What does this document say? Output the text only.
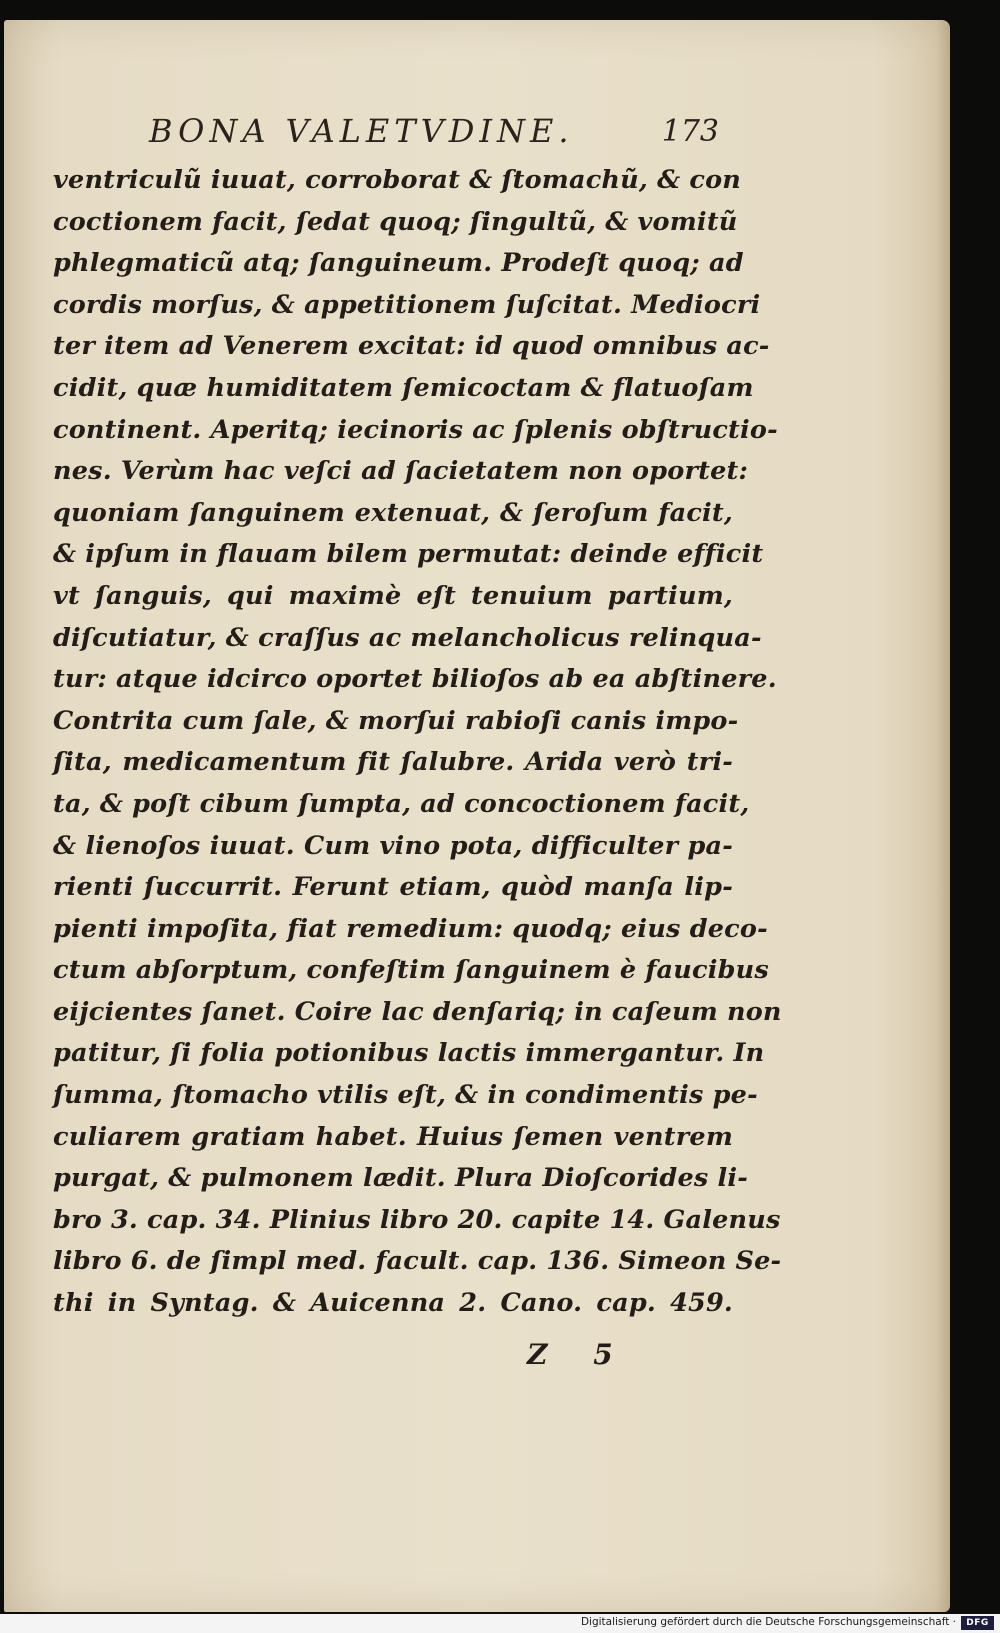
BONA VALETVDINE.	173
ventriculũ iuuat, corroborat & ſtomachũ, & con
coctionem facit, ſedat quoq; ſingultũ, & vomitũ
phlegmaticũ atq; ſanguineum. Prodeſt quoq; ad
cordis morſus, & appetitionem ſuſcitat. Mediocri
ter item ad Venerem excitat: id quod omnibus ac-
cidit, quæ humiditatem ſemicoctam & flatuoſam
continent. Aperitq; iecinoris ac ſplenis obſtructio-
nes. Verùm hac veſci ad ſacietatem non oportet:
quoniam ſanguinem extenuat, & ſeroſum facit,
& ipſum in flauam bilem permutat: deinde efficit
vt ſanguis, qui maximè eſt tenuium partium,
diſcutiatur, & craſſus ac melancholicus relinqua-
tur: atque idcirco oportet bilioſos ab ea abſtinere.
Contrita cum ſale, & morſui rabioſi canis impo-
ſita, medicamentum fit ſalubre. Arida verò tri-
ta, & poſt cibum ſumpta, ad concoctionem facit,
& lienoſos iuuat. Cum vino pota, difficulter pa-
rienti ſuccurrit. Ferunt etiam, quòd manſa lip-
pienti impoſita, fiat remedium: quodq; eius deco-
ctum abſorptum, confeſtim ſanguinem è faucibus
eijcientes ſanet. Coire lac denſariq; in caſeum non
patitur, ſi folia potionibus lactis immergantur. In
ſumma, ſtomacho vtilis eſt, & in condimentis pe-
culiarem gratiam habet. Huius ſemen ventrem
purgat, & pulmonem lædit. Plura Dioſcorides li-
bro 3. cap. 34. Plinius libro 20. capite 14. Galenus
libro 6. de ſimpl med. facult. cap. 136. Simeon Se-
thi in Syntag. & Auicenna 2. Cano. cap. 459.
Z 5
Digitalisierung gefördert durch die Deutsche Forschungsgemeinschaft ·	DFG
